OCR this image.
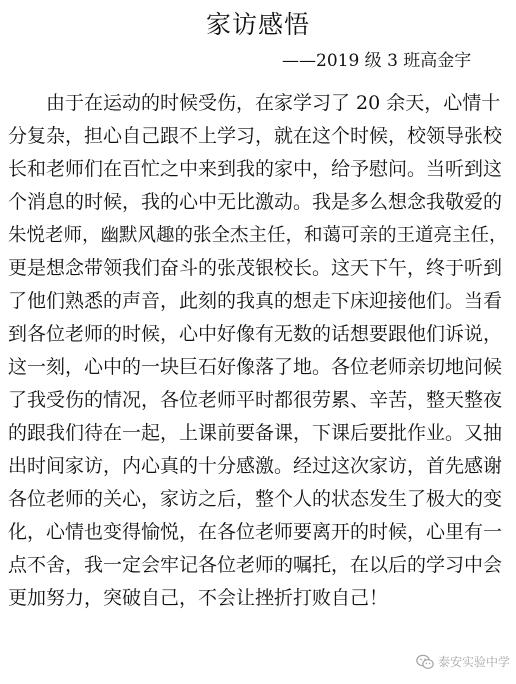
家访感悟
——2019 级 3 班高金宇
由于在运动的时候受伤，在家学习了 20 余天，心情十
分复杂，担心自己跟不上学习，就在这个时候，校领导张校
长和老师们在百忙之中来到我的家中，给予慰问。当听到这
个消息的时候，我的心中无比激动。我是多么想念我敬爱的
朱悦老师，幽默风趣的张全杰主任，和蔼可亲的王道亮主任，
更是想念带领我们奋斗的张茂银校长。这天下午，终于听到
了他们熟悉的声音，此刻的我真的想走下床迎接他们。当看
到各位老师的时候，心中好像有无数的话想要跟他们诉说，
这一刻，心中的一块巨石好像落了地。各位老师亲切地问候
了我受伤的情况，各位老师平时都很劳累、辛苦，整天整夜
的跟我们待在一起，上课前要备课，下课后要批作业。又抽
出时间家访，内心真的十分感激。经过这次家访，首先感谢
各位老师的关心，家访之后，整个人的状态发生了极大的变
化，心情也变得愉悦，在各位老师要离开的时候，心里有一
点不舍，我一定会牢记各位老师的嘱托，在以后的学习中会
更加努力，突破自己，不会让挫折打败自己！
泰安实验中学
